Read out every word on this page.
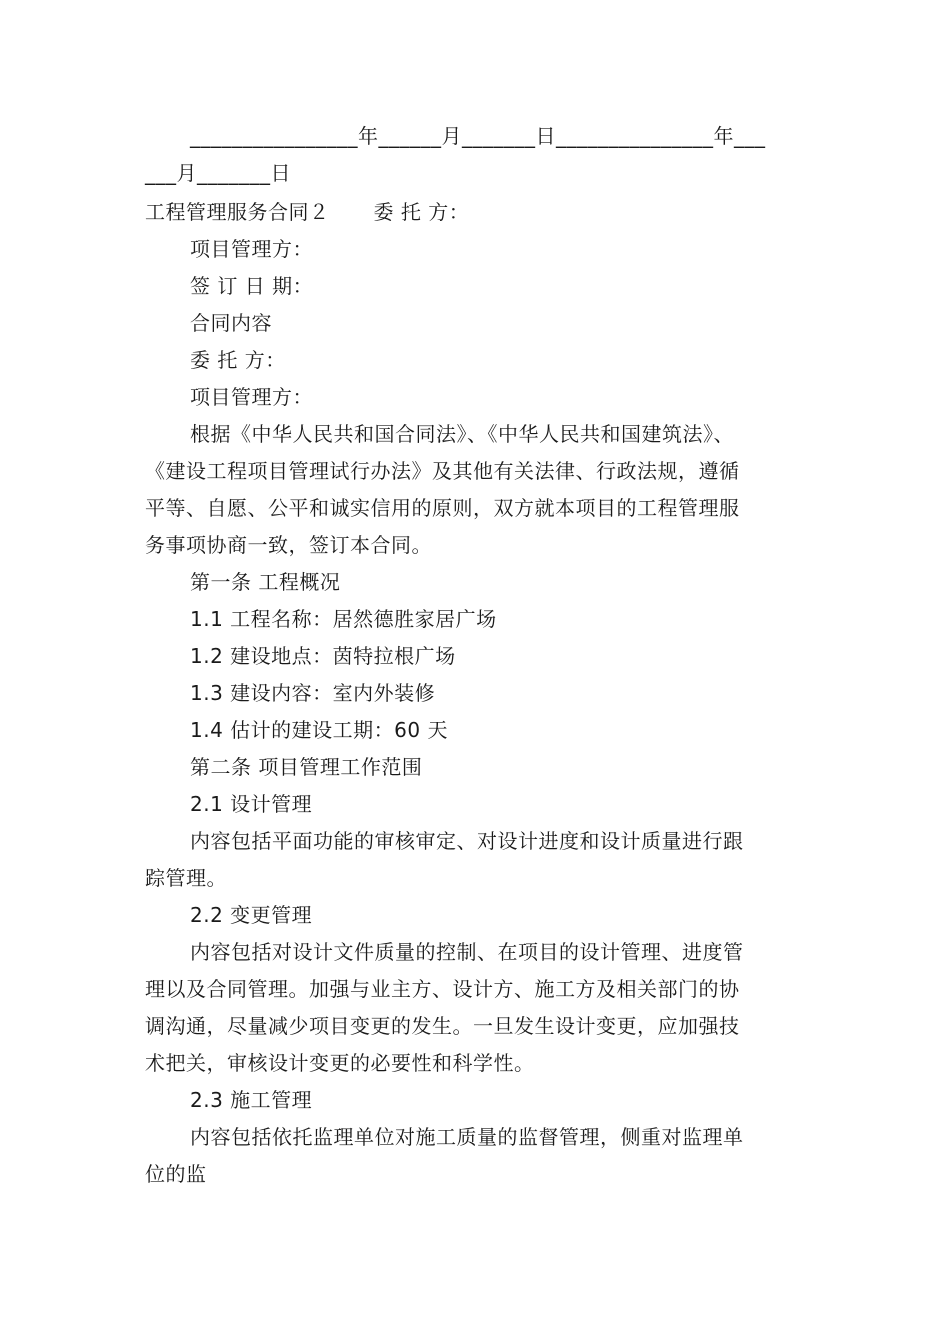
________________年______月_______日_______________年___
___月_______日
工程管理服务合同２ 委 托 方：
项目管理方：
签 订 日 期：
合同内容
委 托 方：
项目管理方：
根据《中华人民共和国合同法》、《中华人民共和国建筑法》、
《建设工程项目管理试行办法》及其他有关法律、行政法规，遵循
平等、自愿、公平和诚实信用的原则，双方就本项目的工程管理服
务事项协商一致，签订本合同。
第一条 工程概况
1.1 工程名称：居然德胜家居广场
1.2 建设地点：茵特拉根广场
1.3 建设内容：室内外装修
1.4 估计的建设工期：60 天
第二条 项目管理工作范围
2.1 设计管理
内容包括平面功能的审核审定、对设计进度和设计质量进行跟
踪管理。
2.2 变更管理
内容包括对设计文件质量的控制、在项目的设计管理、进度管
理以及合同管理。加强与业主方、设计方、施工方及相关部门的协
调沟通，尽量减少项目变更的发生。一旦发生设计变更，应加强技
术把关，审核设计变更的必要性和科学性。
2.3 施工管理
内容包括依托监理单位对施工质量的监督管理，侧重对监理单
位的监
